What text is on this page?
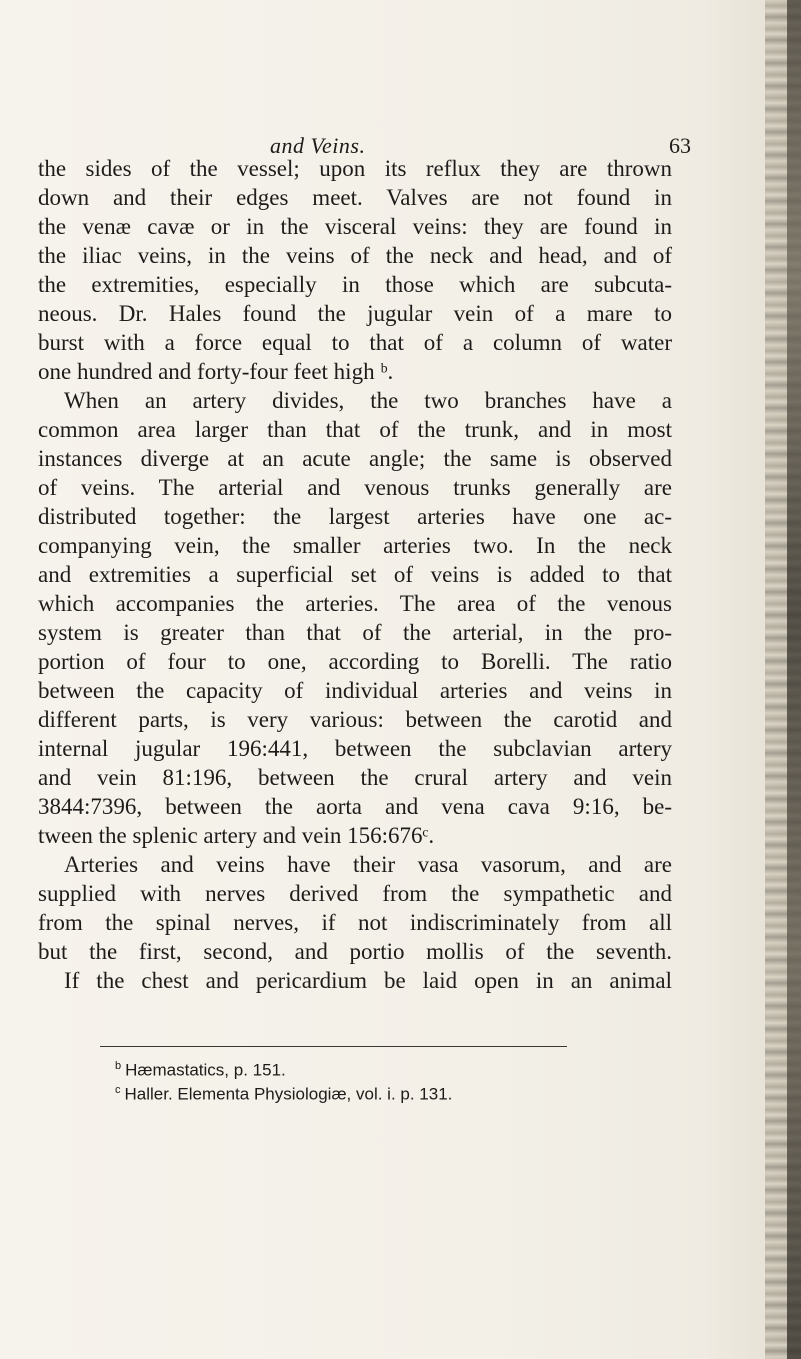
and Veins.	63
the sides of the vessel; upon its reflux they are thrown
down and their edges meet. Valves are not found in
the venæ cavæ or in the visceral veins: they are found in
the iliac veins, in the veins of the neck and head, and of
the extremities, especially in those which are subcuta-
neous. Dr. Hales found the jugular vein of a mare to
burst with a force equal to that of a column of water
one hundred and forty-four feet high ᵇ.
When an artery divides, the two branches have a
common area larger than that of the trunk, and in most
instances diverge at an acute angle; the same is observed
of veins. The arterial and venous trunks generally are
distributed together: the largest arteries have one ac-
companying vein, the smaller arteries two. In the neck
and extremities a superficial set of veins is added to that
which accompanies the arteries. The area of the venous
system is greater than that of the arterial, in the pro-
portion of four to one, according to Borelli. The ratio
between the capacity of individual arteries and veins in
different parts, is very various: between the carotid and
internal jugular 196:441, between the subclavian artery
and vein 81:196, between the crural artery and vein
3844:7396, between the aorta and vena cava 9:16, be-
tween the splenic artery and vein 156:676ᶜ.
Arteries and veins have their vasa vasorum, and are
supplied with nerves derived from the sympathetic and
from the spinal nerves, if not indiscriminately from all
but the first, second, and portio mollis of the seventh.
If the chest and pericardium be laid open in an animal
$^b$ Hæmastatics, p. 151.
$^c$ Haller. Elementa Physiologiæ, vol. i. p. 131.
